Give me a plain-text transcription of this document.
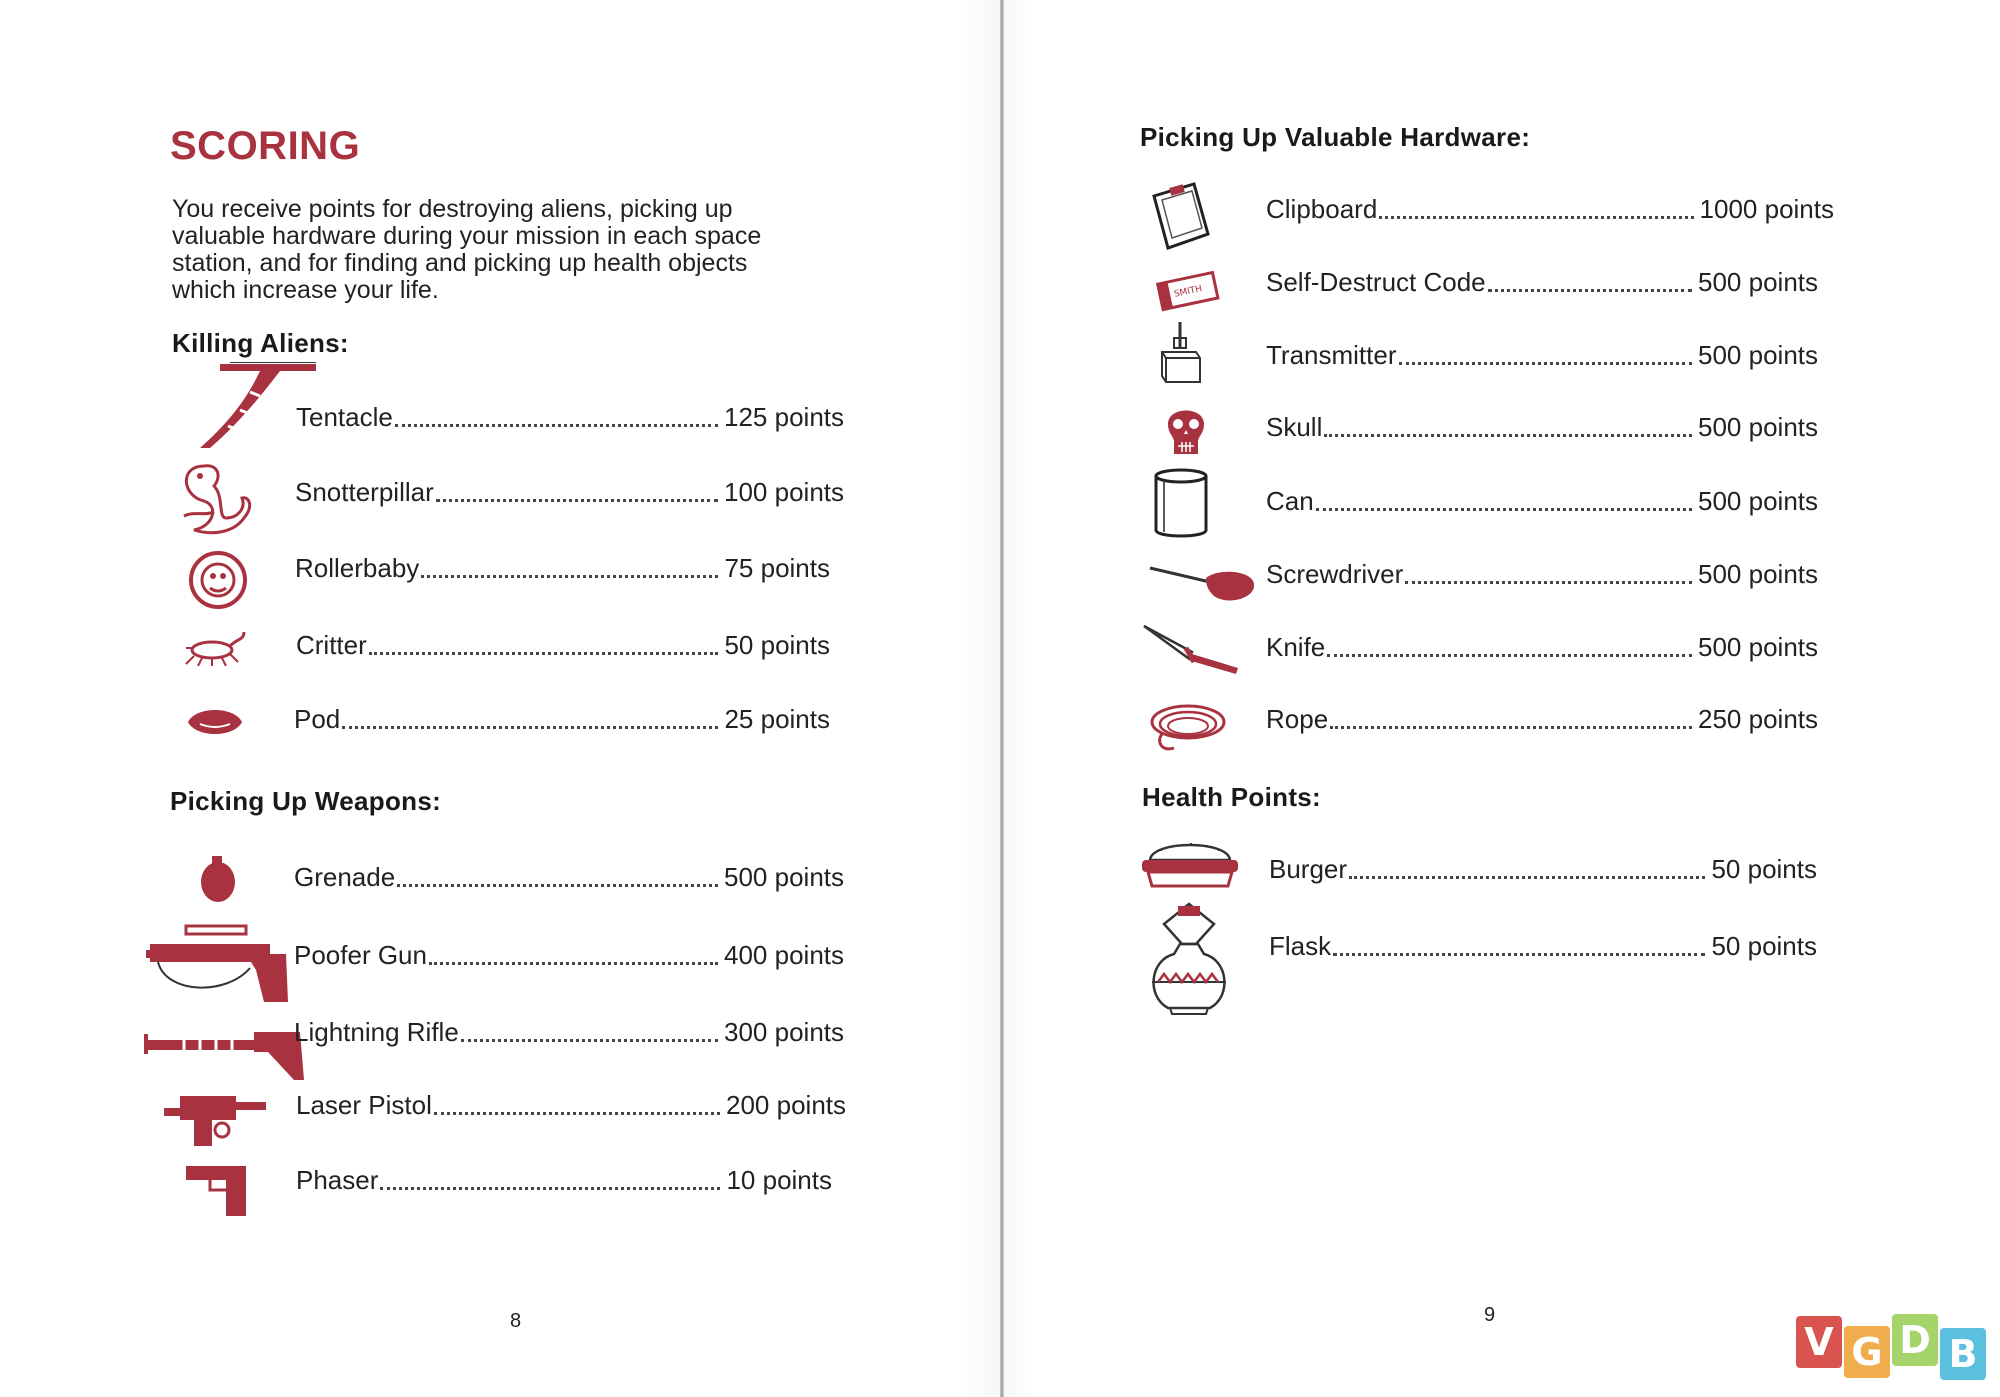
SCORING
You receive points for destroying aliens, picking up
valuable hardware during your mission in each space
station, and for finding and picking up health objects
which increase your life.
Killing Aliens:
Tentacle	125 points
Snotterpillar	100 points
Rollerbaby	75 points
Critter	50 points
Pod	25 points
Picking Up Weapons:
Grenade	500 points
Poofer Gun	400 points
Lightning Rifle	300 points
Laser Pistol	200 points
Phaser	10 points
8
Picking Up Valuable Hardware:
Clipboard	1000 points
SMITH Self-Destruct Code	500 points
Transmitter	500 points
Skull	500 points
Can	500 points
Screwdriver	500 points
Knife	500 points
Rope	250 points
Health Points:
Burger	50 points
Flask	50 points
9
V G D B
